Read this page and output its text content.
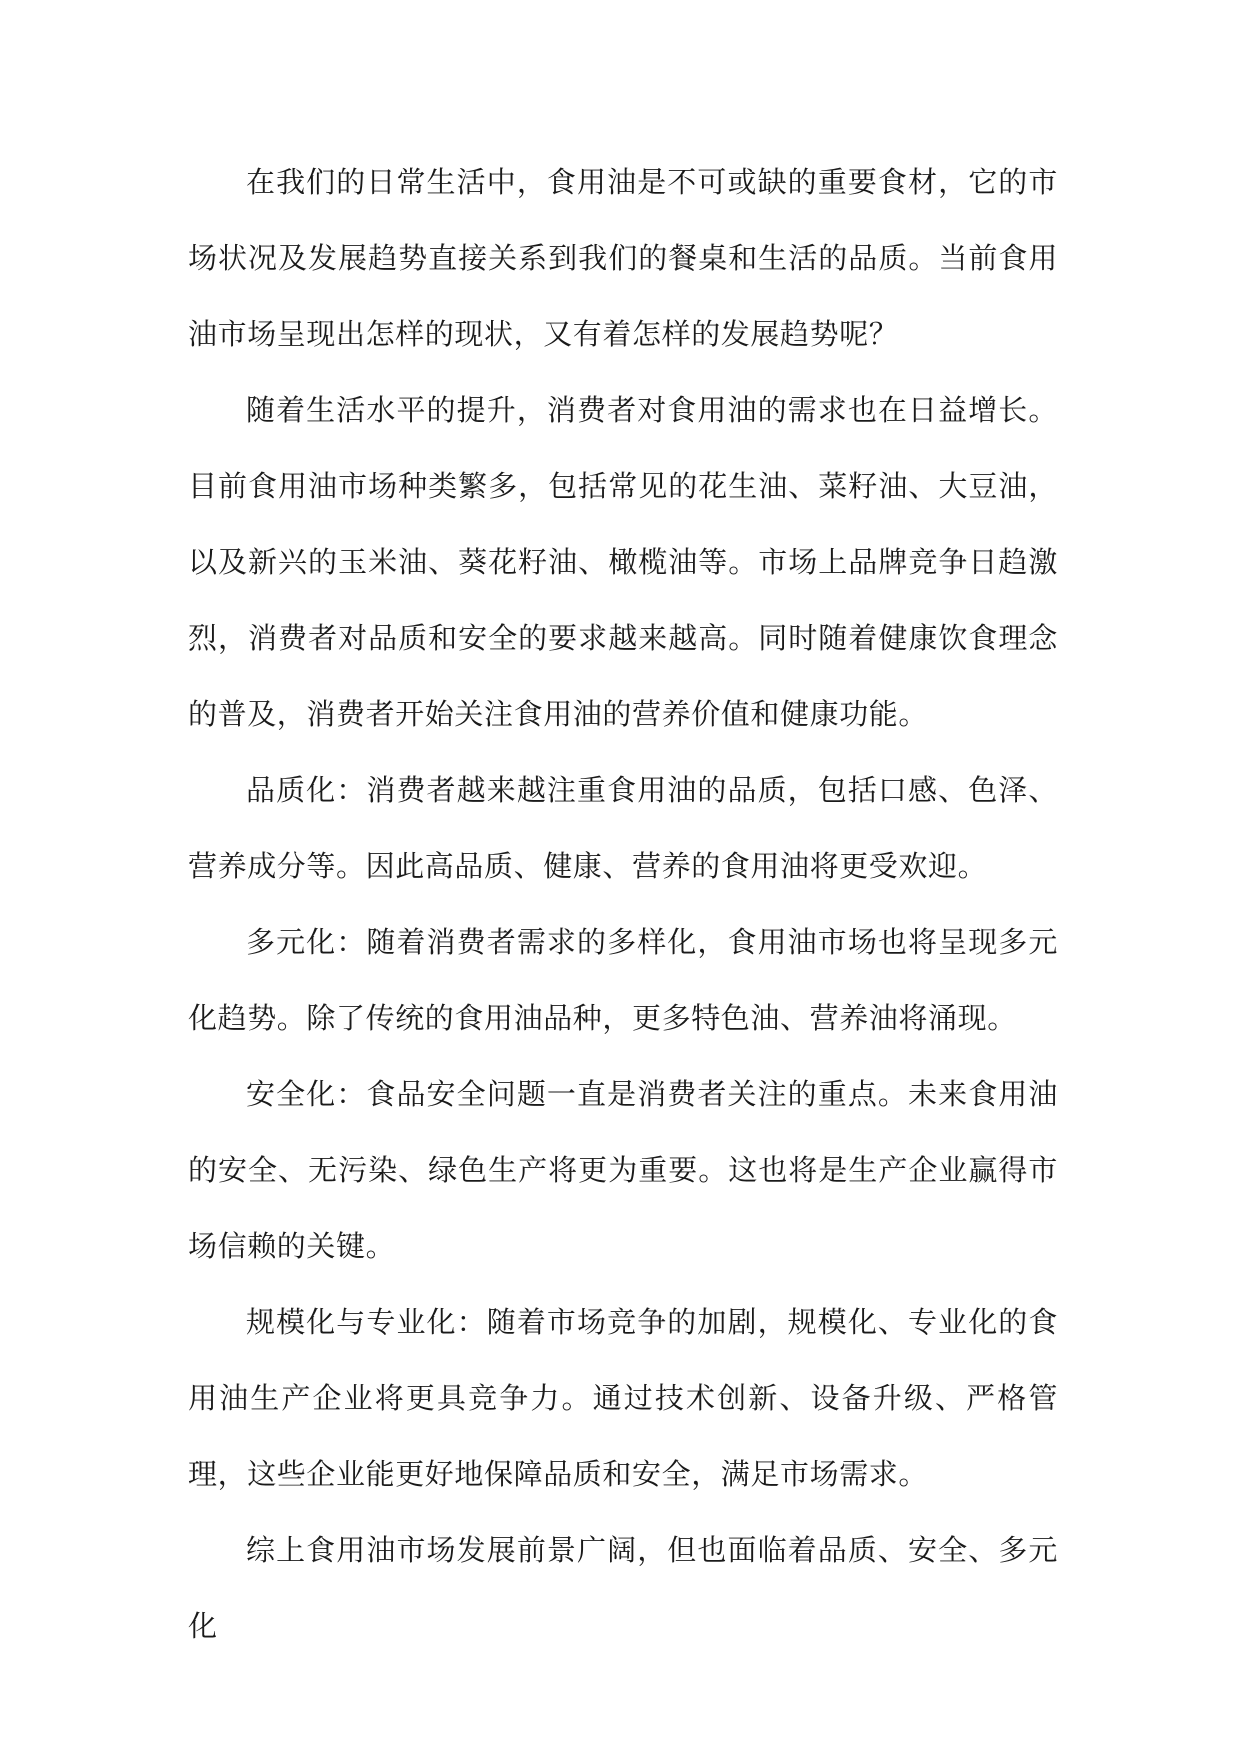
在我们的日常生活中，食用油是不可或缺的重要食材，它的市场状况及发展趋势直接关系到我们的餐桌和生活的品质。当前食用油市场呈现出怎样的现状，又有着怎样的发展趋势呢？

随着生活水平的提升，消费者对食用油的需求也在日益增长。目前食用油市场种类繁多，包括常见的花生油、菜籽油、大豆油，以及新兴的玉米油、葵花籽油、橄榄油等。市场上品牌竞争日趋激烈，消费者对品质和安全的要求越来越高。同时随着健康饮食理念的普及，消费者开始关注食用油的营养价值和健康功能。

品质化：消费者越来越注重食用油的品质，包括口感、色泽、营养成分等。因此高品质、健康、营养的食用油将更受欢迎。

多元化：随着消费者需求的多样化，食用油市场也将呈现多元化趋势。除了传统的食用油品种，更多特色油、营养油将涌现。

安全化：食品安全问题一直是消费者关注的重点。未来食用油的安全、无污染、绿色生产将更为重要。这也将是生产企业赢得市场信赖的关键。

规模化与专业化：随着市场竞争的加剧，规模化、专业化的食用油生产企业将更具竞争力。通过技术创新、设备升级、严格管理，这些企业能更好地保障品质和安全，满足市场需求。

综上食用油市场发展前景广阔，但也面临着品质、安全、多元化
